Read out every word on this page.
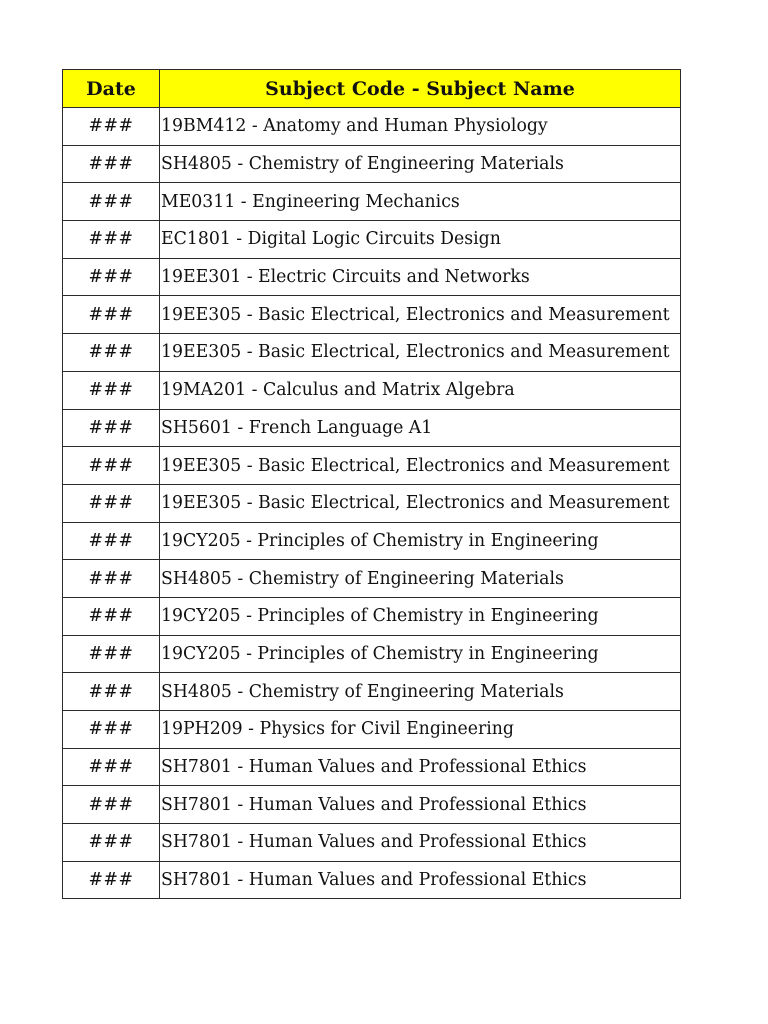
Date	Subject Code - Subject Name
###	19BM412 - Anatomy and Human Physiology
###	SH4805 - Chemistry of Engineering Materials
###	ME0311 - Engineering Mechanics
###	EC1801 - Digital Logic Circuits Design
###	19EE301 - Electric Circuits and Networks
###	19EE305 - Basic Electrical, Electronics and Measurement
###	19EE305 - Basic Electrical, Electronics and Measurement
###	19MA201 - Calculus and Matrix Algebra
###	SH5601 - French Language A1
###	19EE305 - Basic Electrical, Electronics and Measurement
###	19EE305 - Basic Electrical, Electronics and Measurement
###	19CY205 - Principles of Chemistry in Engineering
###	SH4805 - Chemistry of Engineering Materials
###	19CY205 - Principles of Chemistry in Engineering
###	19CY205 - Principles of Chemistry in Engineering
###	SH4805 - Chemistry of Engineering Materials
###	19PH209 - Physics for Civil Engineering
###	SH7801 - Human Values and Professional Ethics
###	SH7801 - Human Values and Professional Ethics
###	SH7801 - Human Values and Professional Ethics
###	SH7801 - Human Values and Professional Ethics
